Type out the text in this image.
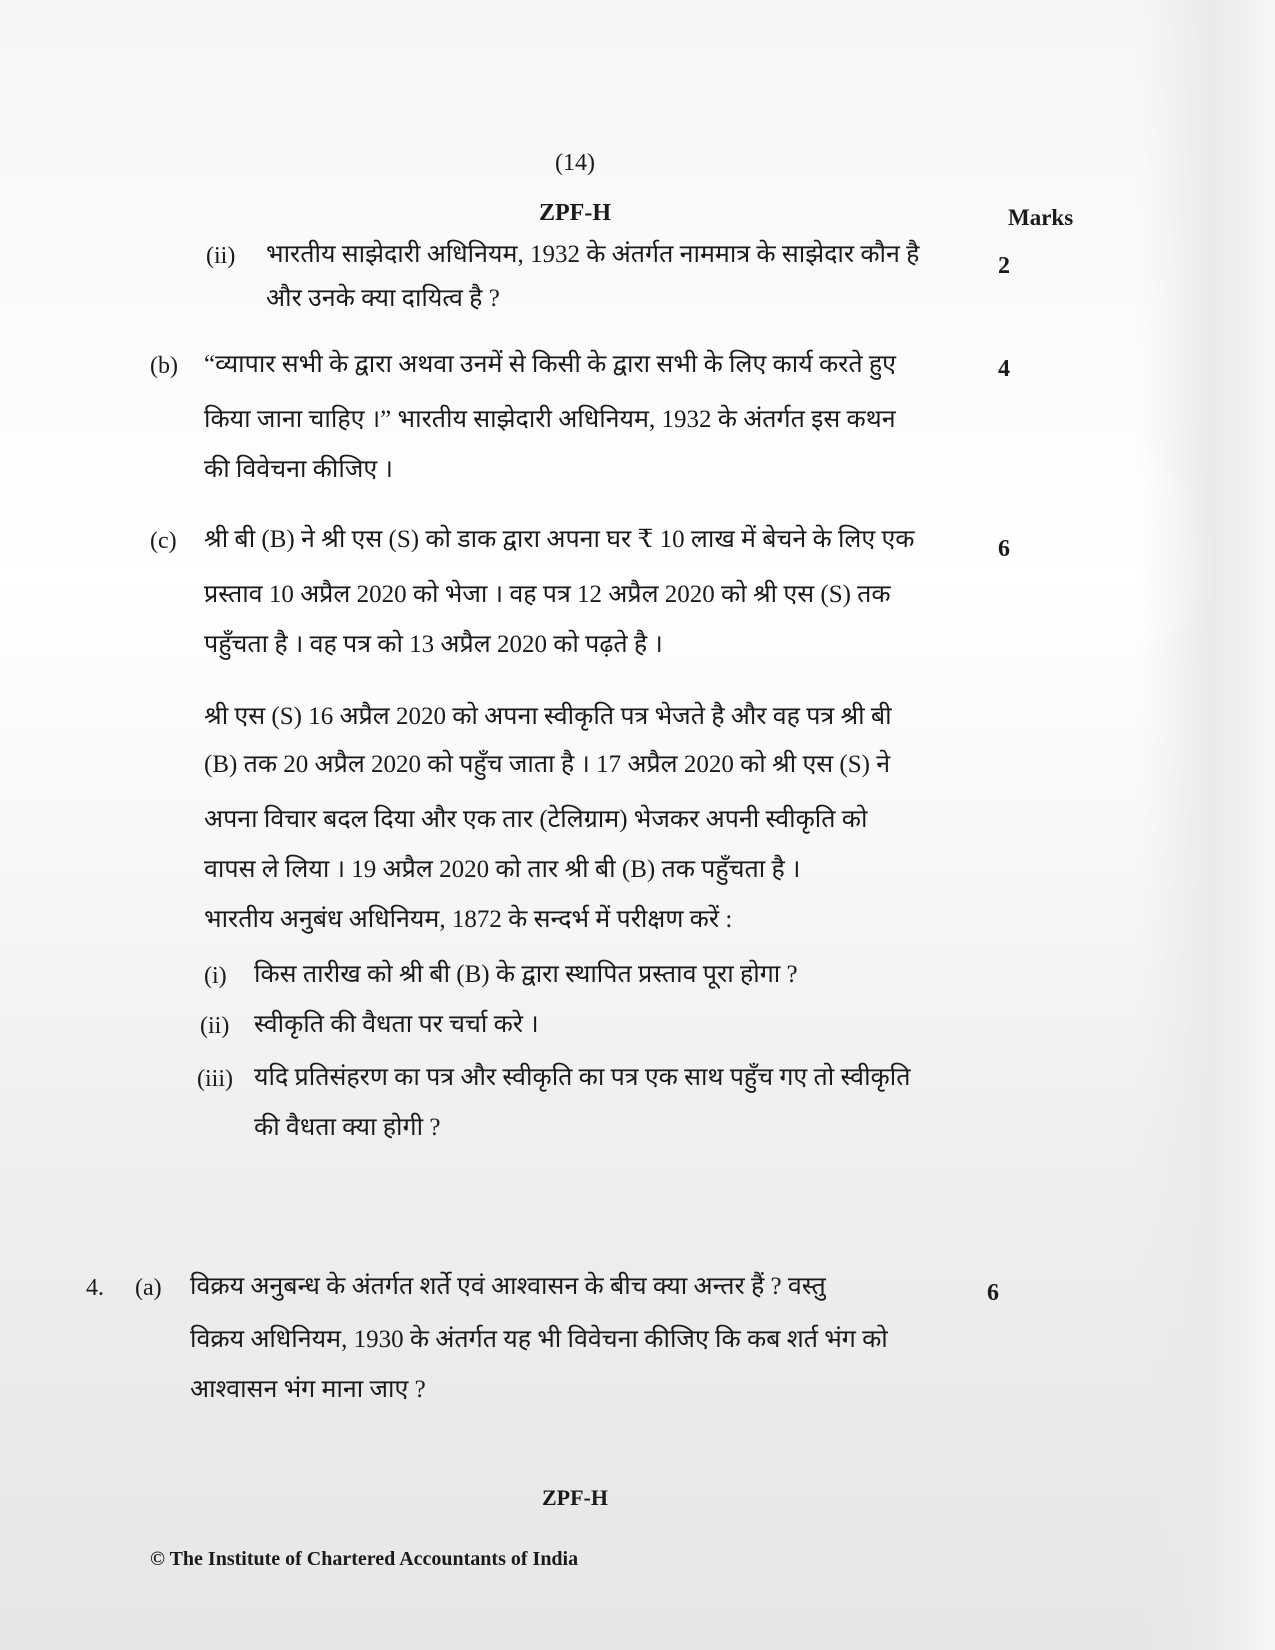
(14)
ZPF-H	Marks
(ii) भारतीय साझेदारी अधिनियम, 1932 के अंतर्गत नाममात्र के साझेदार कौन है
और उनके क्या दायित्व है ?
2
(b) “व्यापार सभी के द्वारा अथवा उनमें से किसी के द्वारा सभी के लिए कार्य करते हुए
किया जाना चाहिए ।” भारतीय साझेदारी अधिनियम, 1932 के अंतर्गत इस कथन
की विवेचना कीजिए ।
4
(c) श्री बी (B) ने श्री एस (S) को डाक द्वारा अपना घर ₹ 10 लाख में बेचने के लिए एक
प्रस्ताव 10 अप्रैल 2020 को भेजा । वह पत्र 12 अप्रैल 2020 को श्री एस (S) तक
पहुँचता है । वह पत्र को 13 अप्रैल 2020 को पढ़ते है ।
6
श्री एस (S) 16 अप्रैल 2020 को अपना स्वीकृति पत्र भेजते है और वह पत्र श्री बी
(B) तक 20 अप्रैल 2020 को पहुँच जाता है । 17 अप्रैल 2020 को श्री एस (S) ने
अपना विचार बदल दिया और एक तार (टेलिग्राम) भेजकर अपनी स्वीकृति को
वापस ले लिया । 19 अप्रैल 2020 को तार श्री बी (B) तक पहुँचता है ।
भारतीय अनुबंध अधिनियम, 1872 के सन्दर्भ में परीक्षण करें :
(i) किस तारीख को श्री बी (B) के द्वारा स्थापित प्रस्ताव पूरा होगा ?
(ii) स्वीकृति की वैधता पर चर्चा करे ।
(iii) यदि प्रतिसंहरण का पत्र और स्वीकृति का पत्र एक साथ पहुँच गए तो स्वीकृति
की वैधता क्या होगी ?
4. (a) विक्रय अनुबन्ध के अंतर्गत शर्ते एवं आश्वासन के बीच क्या अन्तर हैं ? वस्तु
विक्रय अधिनियम, 1930 के अंतर्गत यह भी विवेचना कीजिए कि कब शर्त भंग को
आश्वासन भंग माना जाए ?
6
ZPF-H
© The Institute of Chartered Accountants of India
